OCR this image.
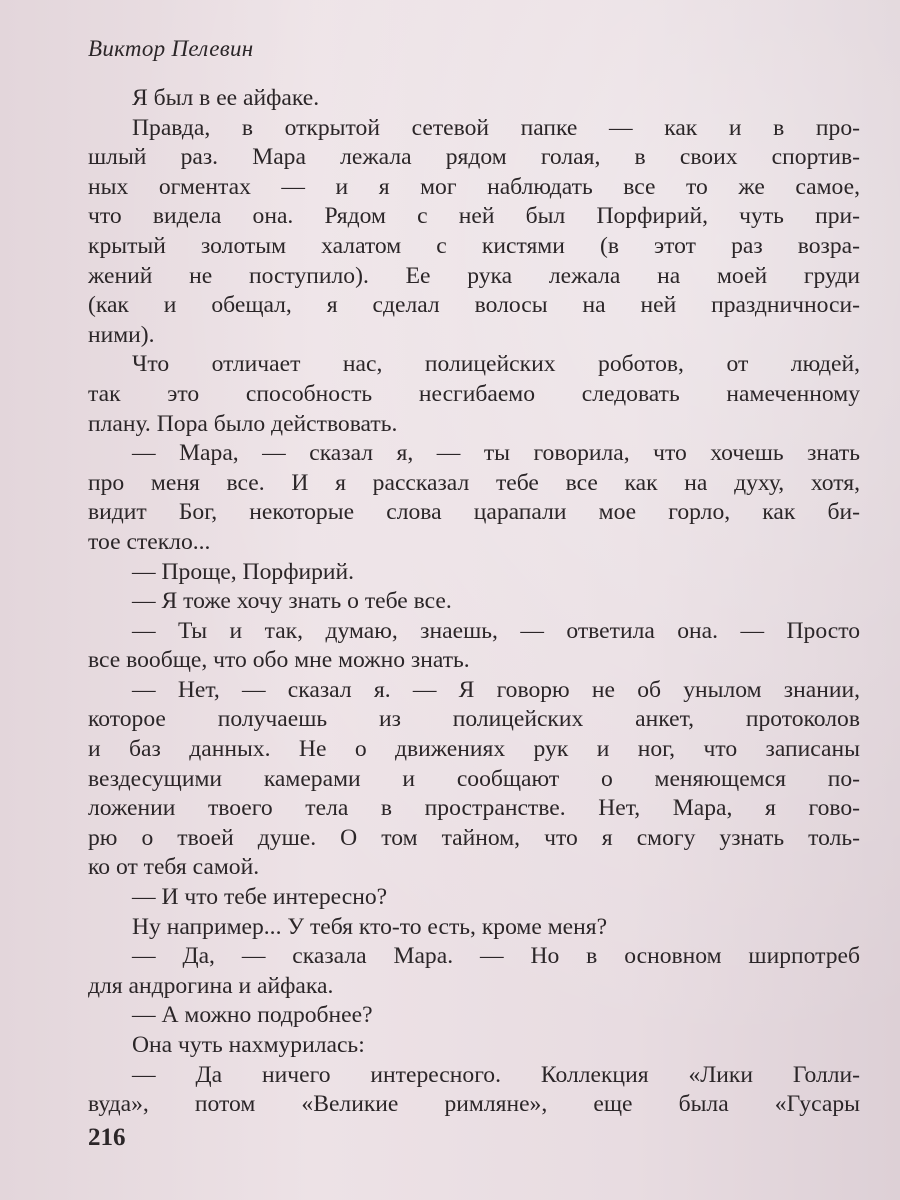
Виктор Пелевин
Я был в ее айфаке.
Правда, в открытой сетевой папке — как и в про-
шлый раз. Мара лежала рядом голая, в своих спортив-
ных огментах — и я мог наблюдать все то же самое,
что видела она. Рядом с ней был Порфирий, чуть при-
крытый золотым халатом с кистями (в этот раз возра-
жений не поступило). Ее рука лежала на моей груди
(как и обещал, я сделал волосы на ней праздничноси-
ними).
Что отличает нас, полицейских роботов, от людей,
так это способность несгибаемо следовать намеченному
плану. Пора было действовать.
— Мара, — сказал я, — ты говорила, что хочешь знать
про меня все. И я рассказал тебе все как на духу, хотя,
видит Бог, некоторые слова царапали мое горло, как би-
тое стекло...
— Проще, Порфирий.
— Я тоже хочу знать о тебе все.
— Ты и так, думаю, знаешь, — ответила она. — Просто
все вообще, что обо мне можно знать.
— Нет, — сказал я. — Я говорю не об унылом знании,
которое получаешь из полицейских анкет, протоколов
и баз данных. Не о движениях рук и ног, что записаны
вездесущими камерами и сообщают о меняющемся по-
ложении твоего тела в пространстве. Нет, Мара, я гово-
рю о твоей душе. О том тайном, что я смогу узнать толь-
ко от тебя самой.
— И что тебе интересно?
Ну например... У тебя кто-то есть, кроме меня?
— Да, — сказала Мара. — Но в основном ширпотреб
для андрогина и айфака.
— А можно подробнее?
Она чуть нахмурилась:
— Да ничего интересного. Коллекция «Лики Голли-
вуда», потом «Великие римляне», еще была «Гусары
216
